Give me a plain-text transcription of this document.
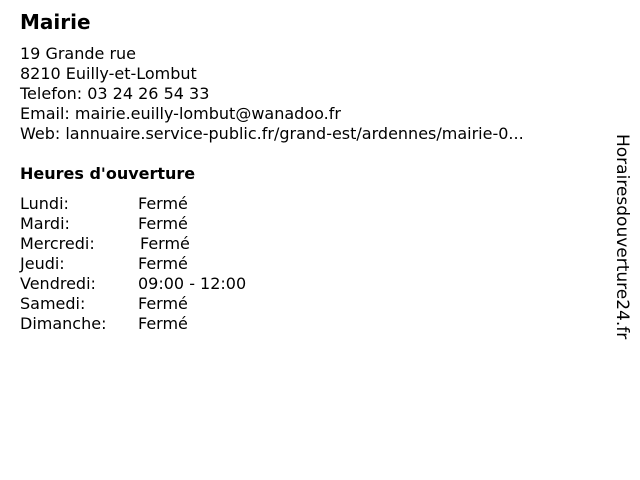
Mairie
19 Grande rue
8210 Euilly-et-Lombut
Telefon: 03 24 26 54 33
Email: mairie.euilly-lombut@wanadoo.fr
Web: lannuaire.service-public.fr/grand-est/ardennes/mairie-0...
Heures d'ouverture
Lundi:	Fermé
Mardi:	Fermé
Mercredi:	Fermé
Jeudi:	Fermé
Vendredi:	09:00 - 12:00
Samedi:	Fermé
Dimanche: Fermé	Horairesdouverture24.fr
